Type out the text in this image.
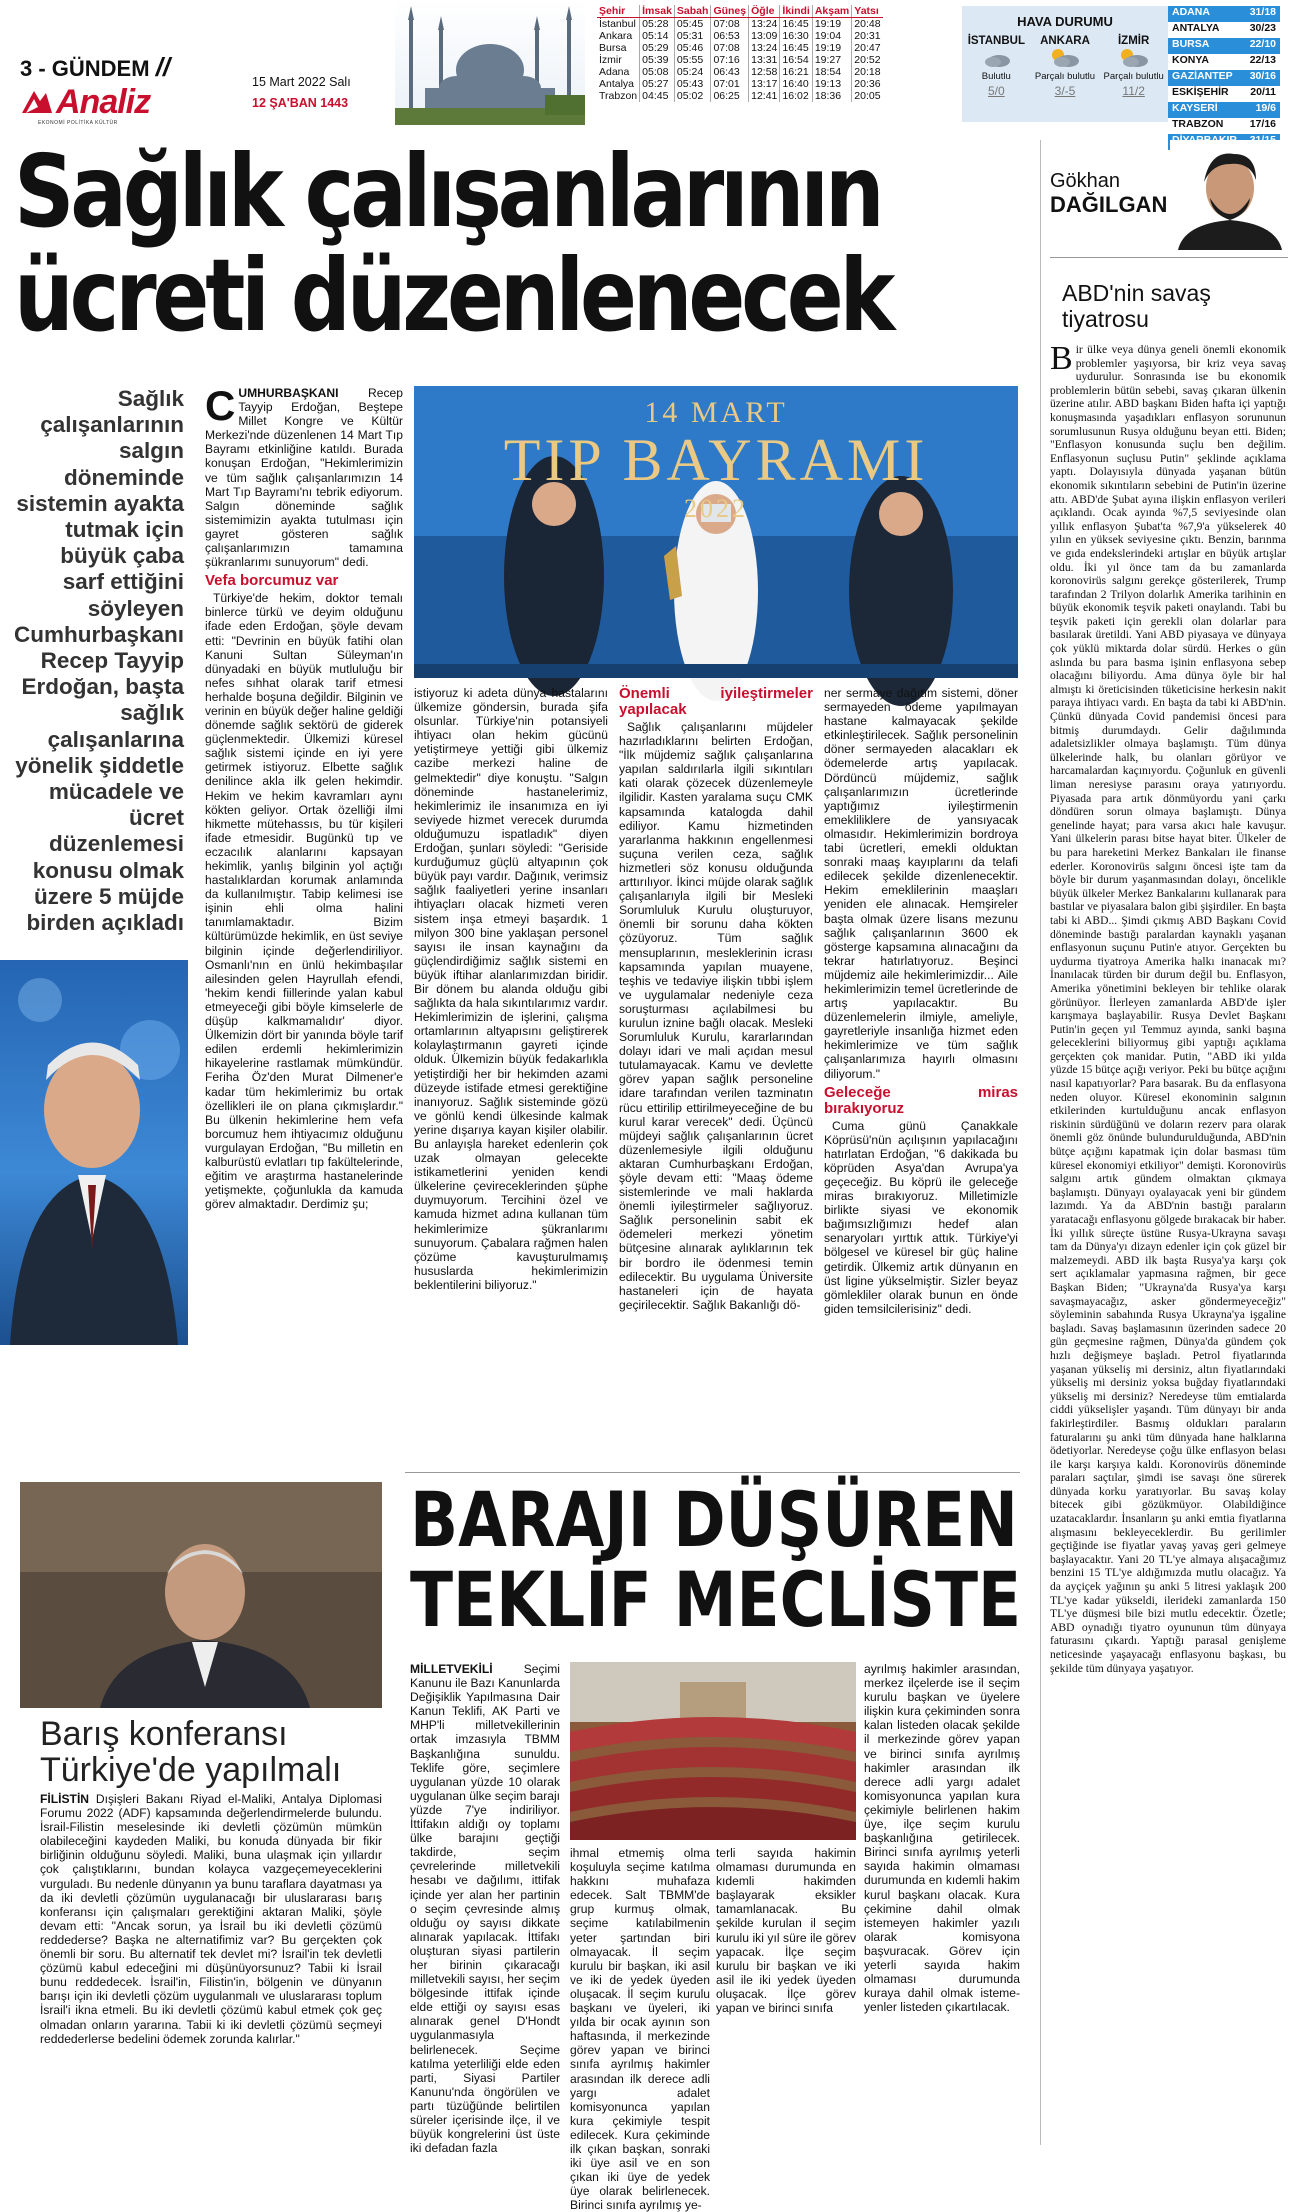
3 - GÜNDEM //
Analiz
EKONOMİ POLİTİKA KÜLTÜR
15 Mart 2022 Salı
12 ŞA'BAN 1443
Şehir	İmsak	Sabah	Güneş	Öğle	İkindi	Akşam	Yatsı
İstanbul	05:28	05:45	07:08	13:24	16:45	19:19	20:48
Ankara	05:14	05:31	06:53	13:09	16:30	19:04	20:31
Bursa	05:29	05:46	07:08	13:24	16:45	19:19	20:47
İzmir	05:39	05:55	07:16	13:31	16:54	19:27	20:52
Adana	05:08	05:24	06:43	12:58	16:21	18:54	20:18
Antalya	05:27	05:43	07:01	13:17	16:40	19:13	20:36
Trabzon	04:45	05:02	06:25	12:41	16:02	18:36	20:05
HAVA DURUMU
İSTANBUL
Bulutlu
5/0
ANKARA
Parçalı bulutlu
3/-5
İZMİR
Parçalı bulutlu
11/2
ADANA	31/18
ANTALYA	30/23
BURSA	22/10
KONYA	22/13
GAZİANTEP 30/16
ESKİŞEHİR 20/11
KAYSERİ	19/6
TRABZON	17/16
Sağlık çalışanlarının
ücreti düzenlenecek
Sağlık çalışanlarının salgın döneminde sistemin ayakta tutmak için büyük çaba sarf ettiğini söyleyen Cumhurbaşkanı Recep Tayyip Erdoğan, başta sağlık çalışanlarına yönelik şiddetle mücadele ve ücret düzenlemesi konusu olmak üzere 5 müjde birden açıkladı

CUMHURBAŞKANI Recep Tayyip Erdoğan, Beştepe Millet Kongre ve Kültür Merkezi'nde düzenlenen 14 Mart Tıp Bayramı etkinliğine katıldı. Burada konuşan Erdoğan, "Hekimlerimizin ve tüm sağlık çalışanlarımızın 14 Mart Tıp Bayramı'nı tebrik ediyorum. Salgın döneminde sağlık sistemimizin ayakta tutulması için gayret gösteren sağlık çalışanlarımızın tamamına şükranlarımı sunuyorum" dedi.

Vefa borcumuz var

Türkiye'de hekim, doktor temalı binlerce türkü ve deyim olduğunu ifade eden Erdoğan, şöyle devam etti: "Devrinin en büyük fatihi olan Kanuni Sultan Süleyman'ın dünyadaki en büyük mutluluğu bir nefes sıhhat olarak tarif etmesi herhalde boşuna değildir. Bilginin ve verinin en büyük değer haline geldiği dönemde sağlık sektörü de giderek güçlenmektedir. Ülkemizi küresel sağlık sistemi içinde en iyi yere getirmek istiyoruz. Elbette sağlık denilince akla ilk gelen hekimdir. Hekim ve hekim kavramları aynı kökten geliyor. Ortak özelliği ilmi hikmette mütehassıs, bu tür kişileri ifade etmesidir. Bugünkü tıp ve eczacılık alanlarını kapsayan hekimlik, yanlış bilginin yol açtığı hastalıklardan korumak anlamında da kullanılmıştır. Tabip kelimesi ise işinin ehli olma halini tanımlamaktadır. Bizim kültürümüzde hekimlik, en üst seviye bilginin içinde değerlendiriliyor. Osmanlı'nın en ünlü hekimbaşılar ailesinden gelen Hayrullah efendi, 'hekim kendi fiillerinde yalan kabul etmeyeceği gibi böyle kimselerle de düşüp kalkmamalıdır' diyor. Ülkemizin dört bir yanında böyle tarif edilen erdemli hekimlerimizin hikayelerine rastlamak mümkündür. Feriha Öz'den Murat Dilmener'e kadar tüm hekimlerimiz bu ortak özellikleri ile on plana çıkmışlardır." Bu ülkenin hekimlerine hem vefa borcumuz hem ihtiyacımız olduğunu vurgulayan Erdoğan, "Bu milletin en kalburüstü evlatları tıp fakültelerinde, eğitim ve araştırma hastanelerinde yetişmekte, çoğunlukla da kamuda görev almaktadır. Derdimiz şu;

14 MART
TIP BAYRAMI
2022
istiyoruz ki adeta dünya hastalarını ülkemize göndersin, burada şifa olsunlar. Türkiye'nin potansiyeli ihtiyacı olan hekim gücünü yetiştirmeye yettiği gibi ülkemiz cazibe merkezi haline de gelmektedir" diye konuştu. "Salgın döneminde hastanelerimiz, hekimlerimiz ile insanımıza en iyi seviyede hizmet verecek durumda olduğumuzu ispatladık" diyen Erdoğan, şunları söyledi: "Geriside kurduğumuz güçlü altyapının çok büyük payı vardır. Dağınık, verimsiz sağlık faaliyetleri yerine insanları ihtiyaçları olacak hizmeti veren sistem inşa etmeyi başardık. 1 milyon 300 bine yaklaşan personel sayısı ile insan kaynağını da güçlendirdiğimiz sağlık sistemi en büyük iftihar alanlarımızdan biridir. Bir dönem bu alanda olduğu gibi sağlıkta da hala sıkıntılarımız vardır. Hekimlerimizin de işlerini, çalışma ortamlarının altyapısını geliştirerek kolaylaştırmanın gayreti içinde olduk. Ülkemizin büyük fedakarlıkla yetiştirdiği her bir hekimden azami düzeyde istifade etmesi gerektiğine inanıyoruz. Sağlık sisteminde gözü ve gönlü kendi ülkesinde kalmak yerine dışarıya kayan kişiler olabilir. Bu anlayışla hareket edenlerin çok uzak olmayan gelecekte istikametlerini yeniden kendi ülkelerine çevireceklerinden şüphe duymuyorum. Tercihini özel ve kamuda hizmet adına kullanan tüm hekimlerimize şükranlarımı sunuyorum. Çabalara rağmen halen çözüme kavuşturulmamış hususlarda hekimlerimizin beklentilerini biliyoruz."
Önemli iyileştirmeler yapılacak

Sağlık çalışanlarını müjdeler hazırladıklarını belirten Erdoğan, "İlk müjdemiz sağlık çalışanlarına yapılan saldırılarla ilgili sıkıntıları kati olarak çözecek düzenlemeyle ilgilidir. Kasten yaralama suçu CMK kapsamında katalogda dahil ediliyor. Kamu hizmetinden yararlanma hakkının engellenmesi suçuna verilen ceza, sağlık hizmetleri söz konusu olduğunda arttırılıyor. İkinci müjde olarak sağlık çalışanlarıyla ilgili bir Mesleki Sorumluluk Kurulu oluşturuyor, önemli bir sorunu daha kökten çözüyoruz. Tüm sağlık mensuplarının, mesleklerinin icrası kapsamında yapılan muayene, teşhis ve tedaviye ilişkin tıbbi işlem ve uygulamalar nedeniyle ceza soruşturması açılabilmesi bu kurulun iznine bağlı olacak. Mesleki Sorumluluk Kurulu, kararlarından dolayı idari ve mali açıdan mesul tutulamayacak. Kamu ve devlette görev yapan sağlık personeline idare tarafından verilen tazminatın rücu ettirilip ettirilmeyeceğine de bu kurul karar verecek" dedi. Üçüncü müjdeyi sağlık çalışanlarının ücret düzenlemesiyle ilgili olduğunu aktaran Cumhurbaşkanı Erdoğan, şöyle devam etti: "Maaş ödeme sistemlerinde ve mali haklarda önemli iyileştirmeler sağlıyoruz. Sağlık personelinin sabit ek ödemeleri merkezi yönetim bütçesine alınarak aylıklarının tek bir bordro ile ödenmesi temin edilecektir. Bu uygulama Üniversite hastaneleri için de hayata geçirilecektir. Sağlık Bakanlığı dö-

ner sermaye dağıtım sistemi, döner sermayeden ödeme yapılmayan hastane kalmayacak şekilde etkinleştirilecek. Sağlık personelinin döner sermayeden alacakları ek ödemelerde artış yapılacak. Dördüncü müjdemiz, sağlık çalışanlarımızın ücretlerinde yaptığımız iyileştirmenin emekliliklere de yansıyacak olmasıdır. Hekimlerimizin bordroya tabi ücretleri, emekli olduktan sonraki maaş kayıplarını da telafi edilecek şekilde dizenlenecektir. Hekim emeklilerinin maaşları yeniden ele alınacak. Hemşireler başta olmak üzere lisans mezunu sağlık çalışanlarının 3600 ek gösterge kapsamına alınacağını da tekrar hatırlatıyoruz. Beşinci müjdemiz aile hekimlerimizdir... Aile hekimlerimizin temel ücretlerinde de artış yapılacaktır. Bu düzenlemelerin ilmiyle, ameliyle, gayretleriyle insanlığa hizmet eden hekimlerimize ve tüm sağlık çalışanlarımıza hayırlı olmasını diliyorum."

Geleceğe miras bırakıyoruz

Cuma günü Çanakkale Köprüsü'nün açılışının yapılacağını hatırlatan Erdoğan, "6 dakikada bu köprüden Asya'dan Avrupa'ya geçeceğiz. Bu köprü ile geleceğe miras bırakıyoruz. Milletimizle birlikte siyasi ve ekonomik bağımsızlığımızı hedef alan senaryoları yırttık attık. Türkiye'yi bölgesel ve küresel bir güç haline getirdik. Ülkemiz artık dünyanın en üst ligine yükselmiştir. Sizler beyaz gömlekliler olarak bunun en önde giden temsilcilerisiniz" dedi.

Gökhan
DAĞILGAN
ABD'nin savaş tiyatrosu

Bir ülke veya dünya geneli önemli ekonomik problemler yaşıyorsa, bir kriz veya savaş uydurulur. Sonrasında ise bu ekonomik problemlerin bütün sebebi, savaş çıkaran ülkenin üzerine atılır. ABD başkanı Biden hafta içi yaptığı konuşmasında yaşadıkları enflasyon sorununun sorumlusunun Rusya olduğunu beyan etti. Biden; "Enflasyon konusunda suçlu ben değilim. Enflasyonun suçlusu Putin" şeklinde açıklama yaptı. Dolayısıyla dünyada yaşanan bütün ekonomik sıkıntıların sebebini de Putin'in üzerine attı. ABD'de Şubat ayına ilişkin enflasyon verileri açıklandı. Ocak ayında %7,5 seviyesinde olan yıllık enflasyon Şubat'ta %7,9'a yükselerek 40 yılın en yüksek seviyesine çıktı. Benzin, barınma ve gıda endekslerindeki artışlar en büyük artışlar oldu. İki yıl önce tam da bu zamanlarda koronovirüs salgını gerekçe gösterilerek, Trump tarafından 2 Trilyon dolarlık Amerika tarihinin en büyük ekonomik teşvik paketi onaylandı. Tabi bu teşvik paketi için gerekli olan dolarlar para basılarak üretildi. Yani ABD piyasaya ve dünyaya çok yüklü miktarda dolar sürdü. Herkes o gün aslında bu para basma işinin enflasyona sebep olacağını biliyordu. Ama dünya öyle bir hal almıştı ki öreticisinden tüketicisine herkesin nakit paraya ihtiyacı vardı. En başta da tabi ki ABD'nin. Çünkü dünyada Covid pandemisi öncesi para bitmiş durumdaydı. Gelir dağılımında adaletsizlikler olmaya başlamıştı. Tüm dünya ülkelerinde halk, bu olanları görüyor ve harcamalardan kaçınıyordu. Çoğunluk en güvenli liman neresiyse parasını oraya yatırıyordu. Piyasada para artık dönmüyordu yani çarkı döndüren sorun olmaya başlamıştı. Dünya genelinde hayat; para varsa akıcı hale kavuşur. Yani ülkelerin parası bitse hayat biter. Ülkeler de bu para hareketini Merkez Bankaları ile finanse ederler. Koronovirüs salgını öncesi işte tam da böyle bir durum yaşanmasından dolayı, öncelikle büyük ülkeler Merkez Bankalarını kullanarak para bastılar ve piyasalara balon gibi şişirdiler. En başta tabi ki ABD... Şimdi çıkmış ABD Başkanı Covid döneminde bastığı paralardan kaynaklı yaşanan enflasyonun suçunu Putin'e atıyor. Gerçekten bu uydurma tiyatroya Amerika halkı inanacak mı? İnanılacak türden bir durum değil bu. Enflasyon, Amerika yönetimini bekleyen bir tehlike olarak görünüyor. İlerleyen zamanlarda ABD'de işler karışmaya başlayabilir. Rusya Devlet Başkanı Putin'in geçen yıl Temmuz ayında, sanki başına geleceklerini biliyormuş gibi yaptığı açıklama gerçekten çok manidar. Putin, "ABD iki yılda yüzde 15 bütçe açığı veriyor. Peki bu bütçe açığını nasıl kapatıyorlar? Para basarak. Bu da enflasyona neden oluyor. Küresel ekonominin salgının etkilerinden kurtulduğunu ancak enflasyon riskinin sürdüğünü ve doların rezerv para olarak önemli göz önünde bulundurulduğunda, ABD'nin bütçe açığını kapatmak için dolar basması tüm küresel ekonomiyi etkiliyor" demişti. Koronovirüs salgını artık gündem olmaktan çıkmaya başlamıştı. Dünyayı oyalayacak yeni bir gündem lazımdı. Ya da ABD'nin bastığı paraların yaratacağı enflasyonu gölgede bırakacak bir haber. İki yıllık süreçte üstüne Rusya-Ukrayna savaşı tam da Dünya'yı dizayn edenler için çok güzel bir malzemeydi. ABD ilk başta Rusya'ya karşı çok sert açıklamalar yapmasına rağmen, bir gece Başkan Biden; "Ukrayna'da Rusya'ya karşı savaşmayacağız, asker göndermeyeceğiz" söyleminin sabahında Rusya Ukrayna'ya işgaline başladı. Savaş başlamasının üzerinden sadece 20 gün geçmesine rağmen, Dünya'da gündem çok hızlı değişmeye başladı. Petrol fiyatlarında yaşanan yükseliş mi dersiniz, altın fiyatlarındaki yükseliş mi dersiniz yoksa buğday fiyatlarındaki yükseliş mi dersiniz? Neredeyse tüm emtialarda ciddi yükselişler yaşandı. Tüm dünyayı bir anda fakirleştirdiler. Basmış oldukları paraların faturalarını şu anki tüm dünyada hane halklarına ödetiyorlar. Neredeyse çoğu ülke enflasyon belası ile karşı karşıya kaldı. Koronovirüs döneminde paraları saçtılar, şimdi ise savaşı öne sürerek dünyada korku yaratıyorlar. Bu savaş kolay bitecek gibi gözükmüyor. Olabildiğince uzatacaklardır. İnsanların şu anki emtia fiyatlarına alışmasını bekleyeceklerdir. Bu gerilimler geçtiğinde ise fiyatlar yavaş yavaş geri gelmeye başlayacaktır. Yani 20 TL'ye almaya alışacağımız benzini 15 TL'ye aldığımızda mutlu olacağız. Ya da ayçiçek yağının şu anki 5 litresi yaklaşık 200 TL'ye kadar yükseldi, ilerideki zamanlarda 150 TL'ye düşmesi bile bizi mutlu edecektir. Özetle; ABD oynadığı tiyatro oyununun tüm dünyaya faturasını çıkardı. Yaptığı parasal genişleme neticesinde yaşayacağı enflasyonu başkası, bu şekilde tüm dünyaya yaşatıyor.

Barış konferansı
Türkiye'de yapılmalı

FİLİSTİN Dışişleri Bakanı Riyad el-Maliki, Antalya Diplomasi Forumu 2022 (ADF) kapsamında değerlendirmelerde bulundu. İsrail-Filistin meselesinde iki devletli çözümün mümkün olabileceğini kaydeden Maliki, bu konuda dünyada bir fikir birliğinin olduğunu söyledi. Maliki, buna ulaşmak için yıllardır çok çalıştıklarını, bundan kolayca vazgeçemeyeceklerini vurguladı. Bu nedenle dünyanın ya bunu taraflara dayatması ya da iki devletli çözümün uygulanacağı bir uluslararası barış konferansı için çalışmaları gerektiğini aktaran Maliki, şöyle devam etti: "Ancak sorun, ya İsrail bu iki devletli çözümü reddederse? Başka ne alternatifimiz var? Bu gerçekten çok önemli bir soru. Bu alternatif tek devlet mi? İsrail'in tek devletli çözümü kabul edeceğini mi düşünüyorsunuz? Tabii ki İsrail bunu reddedecek. İsrail'in, Filistin'in, bölgenin ve dünyanın barışı için iki devletli çözüm uygulanmalı ve uluslararası toplum İsrail'i ikna etmeli. Bu iki devletli çözümü kabul etmek çok geç olmadan onların yararına. Tabii ki iki devletli çözümü seçmeyi reddederlerse bedelini ödemek zorunda kalırlar."

BARAJI DÜŞÜREN
TEKLİF MECLİSTE

MİLLETVEKİLİ	Seçimi Kanunu ile Bazı Kanunlarda Değişiklik Yapılmasına Dair Kanun Teklifi, AK Parti ve MHP'li milletvekillerinin ortak imzasıyla TBMM Başkanlığına sunuldu. Teklife göre, seçimlere uygulanan yüzde 10 olarak uygulanan ülke seçim barajı yüzde 7'ye indiriliyor. İttifakın aldığı oy toplamı ülke barajını geçtiği takdirde, seçim çevrelerinde milletvekili hesabı ve dağılımı, ittifak içinde yer alan her partinin o seçim çevresinde almış olduğu oy sayısı dikkate alınarak yapılacak. İttifakı oluşturan siyasi partilerin her birinin çıkaracağı milletvekili sayısı, her seçim bölgesinde ittifak içinde elde ettiği oy sayısı esas alınarak genel D'Hondt uygulanmasıyla belirlenecek. Seçime katılma yeterliliği elde eden parti, Siyasi Partiler Kanunu'nda öngörülen ve partı tüzüğünde belirtilen süreler içerisinde ilçe, il ve büyük kongrelerini üst üste iki defadan fazla

ihmal etmemiş olma koşuluyla seçime katılma hakkını muhafaza edecek. Salt TBMM'de grup kurmuş olmak, seçime katılabilmenin yeter şartından biri olmayacak. İl seçim kurulu bir başkan, iki asil ve iki de yedek üyeden oluşacak. İl seçim kurulu başkanı ve üyeleri, iki yılda bir ocak ayının son haftasında, il merkezinde görev yapan ve birinci sınıfa ayrılmış hakimler arasından ilk derece adli yargı adalet komisyonunca yapılan kura çekimiyle tespit edilecek. Kura çekiminde ilk çıkan başkan, sonraki iki üye asil ve en son çıkan iki üye de yedek üye olarak belirlenecek. Birinci sınıfa ayrılmış ye-
terli sayıda hakimin olmaması durumunda en kıdemli hakimden başlayarak eksikler tamamlanacak. Bu şekilde kurulan il seçim kurulu iki yıl süre ile görev yapacak. İlçe seçim kurulu bir başkan ve iki asil ile iki yedek üyeden oluşacak. İlçe görev yapan ve birinci sınıfa

ayrılmış hakimler arasından, merkez ilçelerde ise il seçim kurulu başkan ve üyelere ilişkin kura çekiminden sonra kalan listeden olacak şekilde il merkezinde görev yapan ve birinci sınıfa ayrılmış hakimler arasından ilk derece adli yargı adalet komisyonunca yapılan kura çekimiyle belirlenen hakim üye, ilçe seçim kurulu başkanlığına getirilecek. Birinci sınıfa ayrılmış yeterli sayıda hakimin olmaması durumunda en kıdemli hakim kurul başkanı olacak. Kura çekimine dahil olmak istemeyen hakimler yazılı olarak komisyona başvuracak. Görev için yeterli sayıda hakim olmaması durumunda kuraya dahil olmak isteme-yenler listeden çıkartılacak.
